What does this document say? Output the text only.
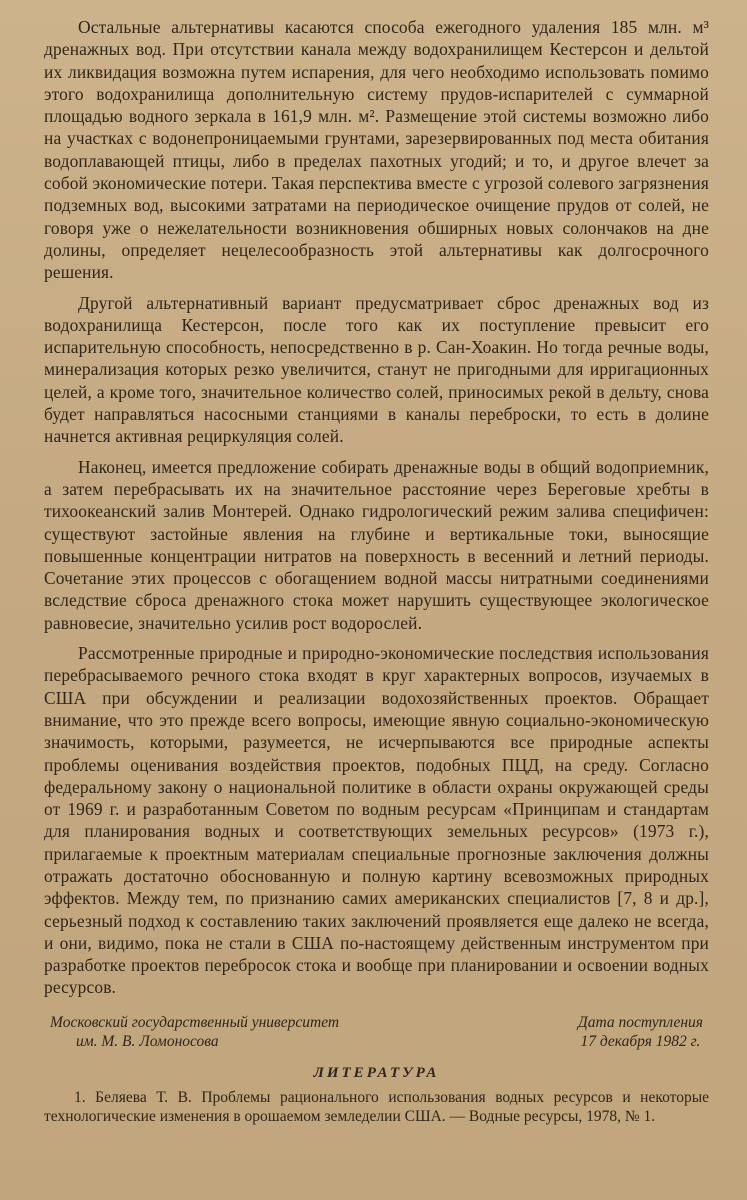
Остальные альтернативы касаются способа ежегодного удаления 185 млн. м³ дренажных вод. При отсутствии канала между водохранилищем Кестерсон и дельтой их ликвидация возможна путем испарения, для чего необходимо использовать помимо этого водохранилища дополнительную систему прудов-испарителей с суммарной площадью водного зеркала в 161,9 млн. м². Размещение этой системы возможно либо на участках с водонепроницаемыми грунтами, зарезервированных под места обитания водоплавающей птицы, либо в пределах пахотных угодий; и то, и другое влечет за собой экономические потери. Такая перспектива вместе с угрозой солевого загрязнения подземных вод, высокими затратами на периодическое очищение прудов от солей, не говоря уже о нежелательности возникновения обширных новых солончаков на дне долины, определяет нецелесообразность этой альтернативы как долгосрочного решения.

Другой альтернативный вариант предусматривает сброс дренажных вод из водохранилища Кестерсон, после того как их поступление превысит его испарительную способность, непосредственно в р. Сан-Хоакин. Но тогда речные воды, минерализация которых резко увеличится, станут не пригодными для ирригационных целей, а кроме того, значительное количество солей, приносимых рекой в дельту, снова будет направляться насосными станциями в каналы переброски, то есть в долине начнется активная рециркуляция солей.

Наконец, имеется предложение собирать дренажные воды в общий водоприемник, а затем перебрасывать их на значительное расстояние через Береговые хребты в тихоокеанский залив Монтерей. Однако гидрологический режим залива специфичен: существуют застойные явления на глубине и вертикальные токи, выносящие повышенные концентрации нитратов на поверхность в весенний и летний периоды. Сочетание этих процессов с обогащением водной массы нитратными соединениями вследствие сброса дренажного стока может нарушить существующее экологическое равновесие, значительно усилив рост водорослей.

Рассмотренные природные и природно-экономические последствия использования перебрасываемого речного стока входят в круг характерных вопросов, изучаемых в США при обсуждении и реализации водохозяйственных проектов. Обращает внимание, что это прежде всего вопросы, имеющие явную социально-экономическую значимость, которыми, разумеется, не исчерпываются все природные аспекты проблемы оценивания воздействия проектов, подобных ПЦД, на среду. Согласно федеральному закону о национальной политике в области охраны окружающей среды от 1969 г. и разработанным Советом по водным ресурсам «Принципам и стандартам для планирования водных и соответствующих земельных ресурсов» (1973 г.), прилагаемые к проектным материалам специальные прогнозные заключения должны отражать достаточно обоснованную и полную картину всевозможных природных эффектов. Между тем, по признанию самих американских специалистов [7, 8 и др.], серьезный подход к составлению таких заключений проявляется еще далеко не всегда, и они, видимо, пока не стали в США по-настоящему действенным инструментом при разработке проектов перебросок стока и вообще при планировании и освоении водных ресурсов.

Московский государственный университет
им. М. В. Ломоносова
Дата поступления
17 декабря 1982 г.
ЛИТЕРАТУРА

1. Беляева Т. В. Проблемы рационального использования водных ресурсов и некоторые технологические изменения в орошаемом земледелии США. — Водные ресурсы, 1978, № 1.
